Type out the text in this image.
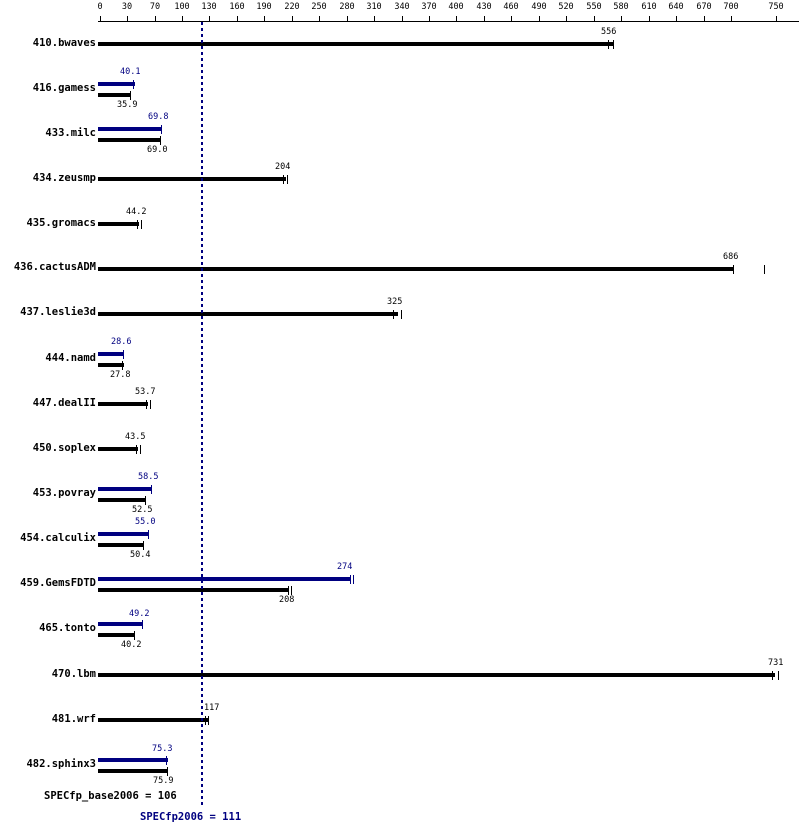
0 30 70 100 130 160 190 220 250 280 310 340 370 400 430 460 490 520 550 580 610 640 670 700	750
410.bwaves
416.gamess
433.milc
434.zeusmp
435.gromacs
436.cactusADM
437.leslie3d
444.namd
447.dealII
450.soplex
453.povray
454.calculix
459.GemsFDTD
465.tonto
470.lbm
481.wrf
482.sphinx3
556
40.1
35.9
69.8
69.0
204
44.2
686
325
28.6
27.8
53.7
43.5
58.5
52.5
55.0
50.4
274
208
49.2
40.2
731
117
75.3
75.9
SPECfp_base2006 = 106
SPECfp2006 = 111
